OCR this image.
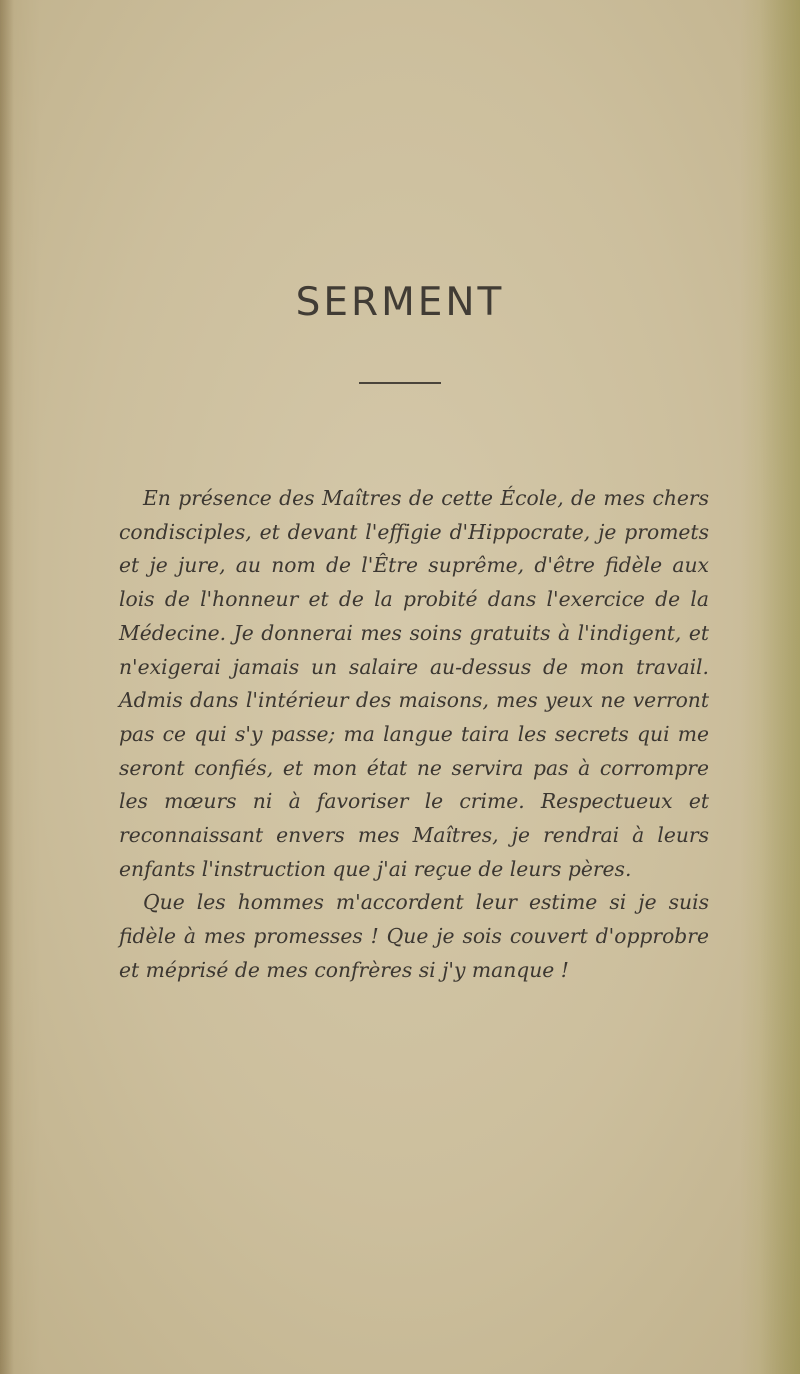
SERMENT

En présence des Maîtres de cette École, de mes chers condisciples, et devant l'effigie d'Hippocrate, je promets et je jure, au nom de l'Être suprême, d'être fidèle aux lois de l'honneur et de la probité dans l'exercice de la Médecine. Je donnerai mes soins gratuits à l'indigent, et n'exigerai jamais un salaire au-dessus de mon travail. Admis dans l'intérieur des maisons, mes yeux ne verront pas ce qui s'y passe; ma langue taira les secrets qui me seront confiés, et mon état ne servira pas à corrompre les mœurs ni à favoriser le crime. Respectueux et reconnaissant envers mes Maîtres, je rendrai à leurs enfants l'instruction que j'ai reçue de leurs pères.

Que les hommes m'accordent leur estime si je suis fidèle à mes promesses ! Que je sois couvert d'opprobre et méprisé de mes confrères si j'y manque !
